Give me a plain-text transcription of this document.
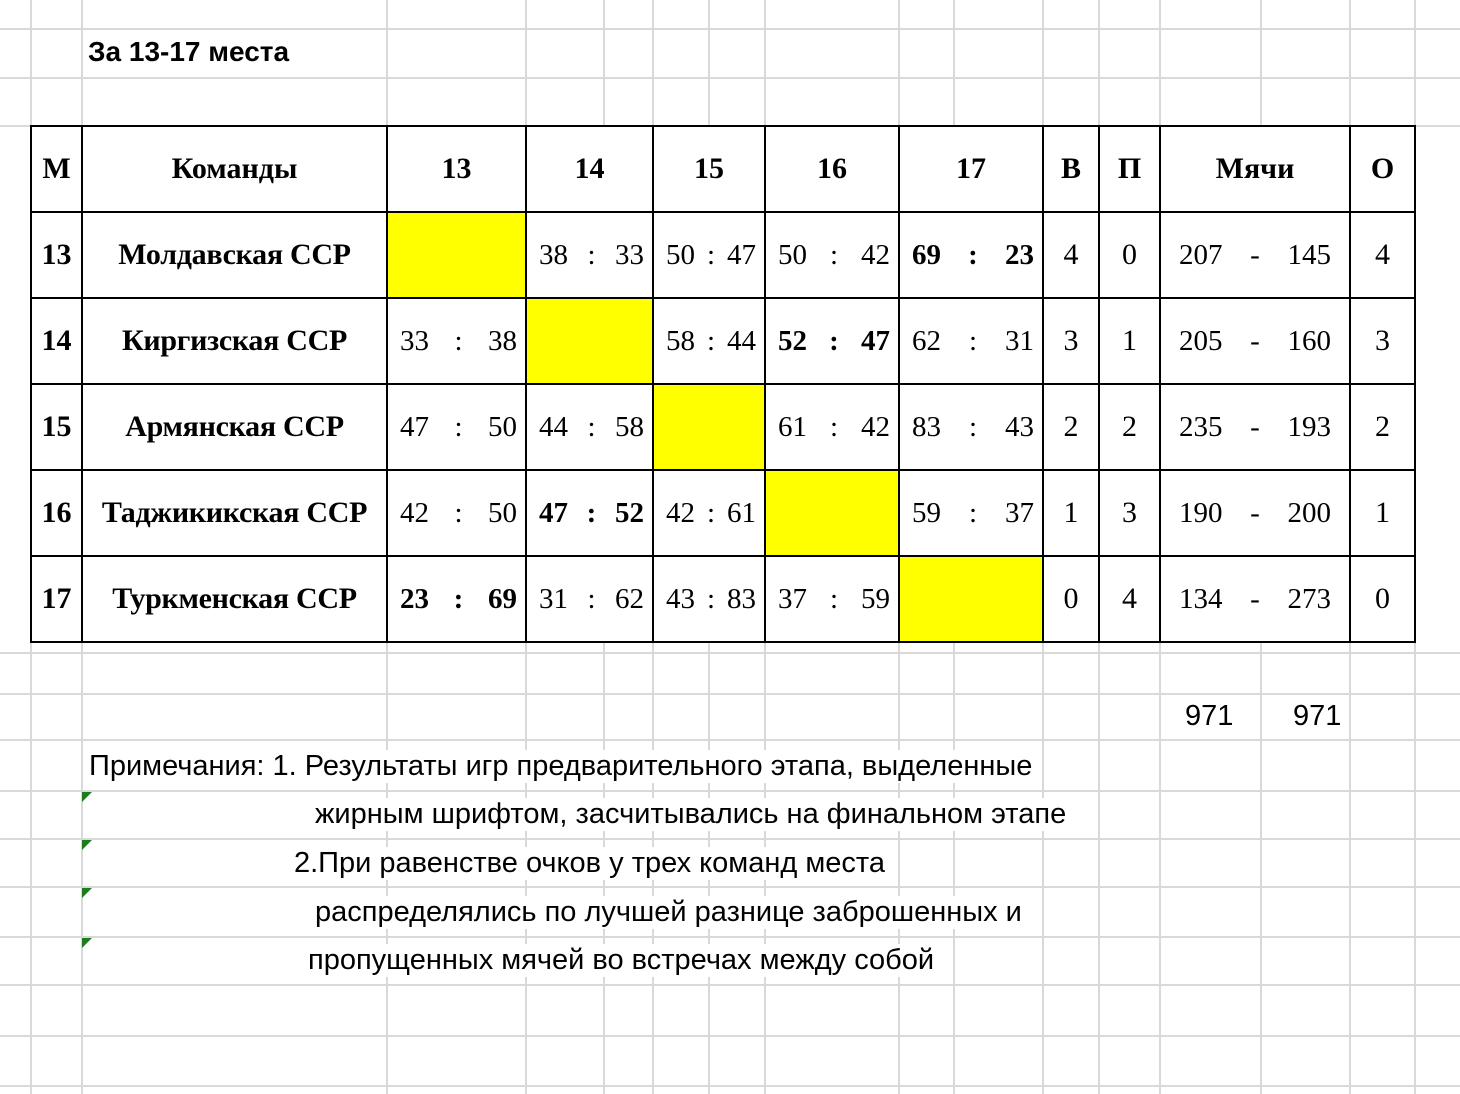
За 13-17 места
М	Команды	13	14	15	16	17	В	П	Мячи	О
13	Молдавская ССР		38 : 33	50 : 47	50 : 42	69 : 23	4	0	207 - 145	4
14	Киргизская ССР	33 : 38		58 : 44	52 : 47	62 : 31	3	1	205 - 160	3
15	Армянская ССР	47 : 50	44 : 58		61 : 42	83 : 43	2	2	235 - 193	2
16	Таджикикская ССР	42 : 50	47 : 52	42 : 61		59 : 37	1	3	190 - 200	1
17	Туркменская ССР	23 : 69	31 : 62	43 : 83	37 : 59		0	4	134 - 273	0
971 971
Примечания: 1. Результаты игр предварительного этапа, выделенные
жирным шрифтом, засчитывались на финальном этапе
2.При равенстве очков у трех команд места
распределялись по лучшей разнице заброшенных и
пропущенных мячей во встречах между собой
